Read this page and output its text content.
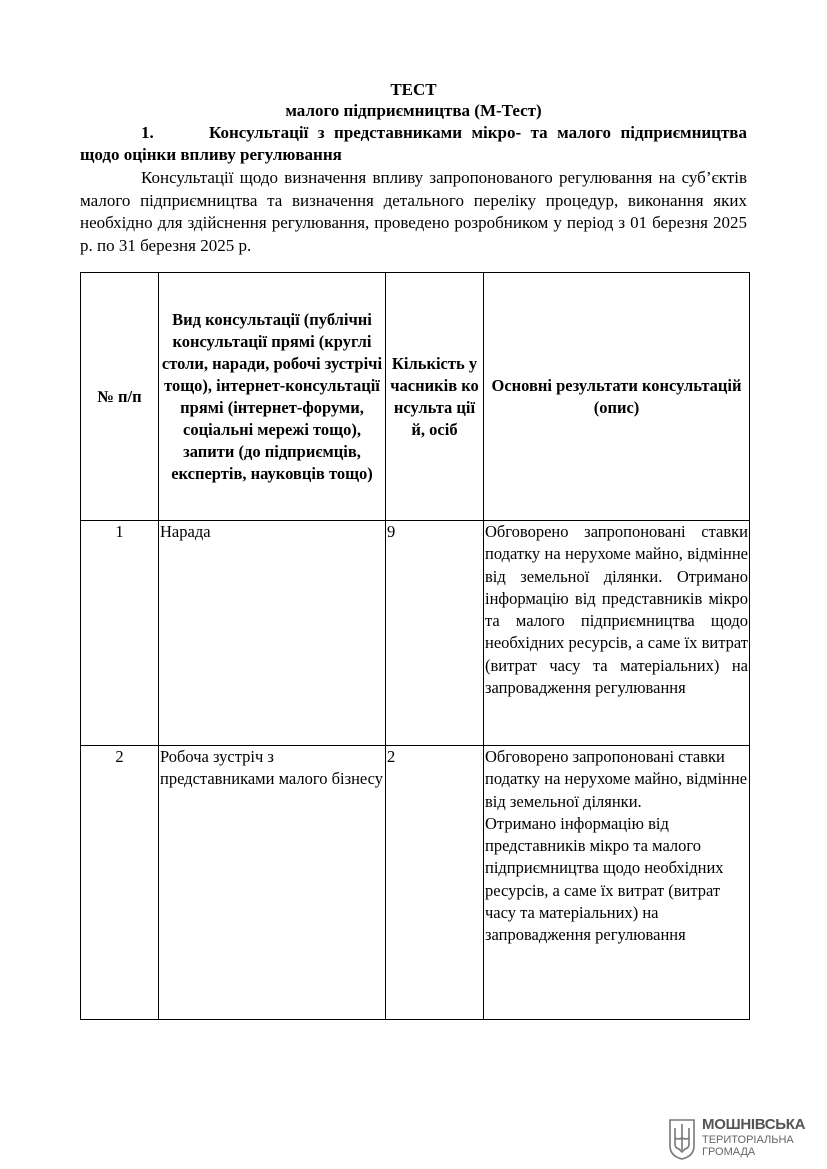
ТЕСТ
малого підприємництва (М-Тест)
1.	Консультації з представниками мікро- та малого підприємництва щодо оцінки впливу регулювання
Консультації щодо визначення впливу запропонованого регулювання на суб’єктів малого підприємництва та визначення детального переліку процедур, виконання яких необхідно для здійснення регулювання, проведено розробником у період з 01 березня 2025 р. по 31 березня 2025 р.
№ п/п	Вид консультації (публічні консультації прямі (круглі столи, наради, робочі зустрічі тощо), інтернет-консультації прямі (інтернет-форуми, соціальні мережі тощо), запити (до підприємців, експертів, науковців тощо)	Кількість учасників консульта ції й, осіб	Основні результати консультацій (опис)
1	Нарада	9	Обговорено запропоновані ставки податку на нерухоме майно, відмінне від земельної ділянки. Отримано інформацію від представників мікро та малого підприємництва щодо необхідних ресурсів, а саме їх витрат (витрат часу та матеріальних) на запровадження регулювання
2	Робоча зустріч з представниками малого бізнесу	2	Обговорено запропоновані ставки податку на нерухоме майно, відмінне від земельної ділянки.
Отримано інформацію від представників мікро та малого підприємництва щодо необхідних ресурсів, а саме їх витрат (витрат часу та матеріальних) на запровадження регулювання
МОШНІВСЬКА
ТЕРИТОРІАЛЬНА
ГРОМАДА
